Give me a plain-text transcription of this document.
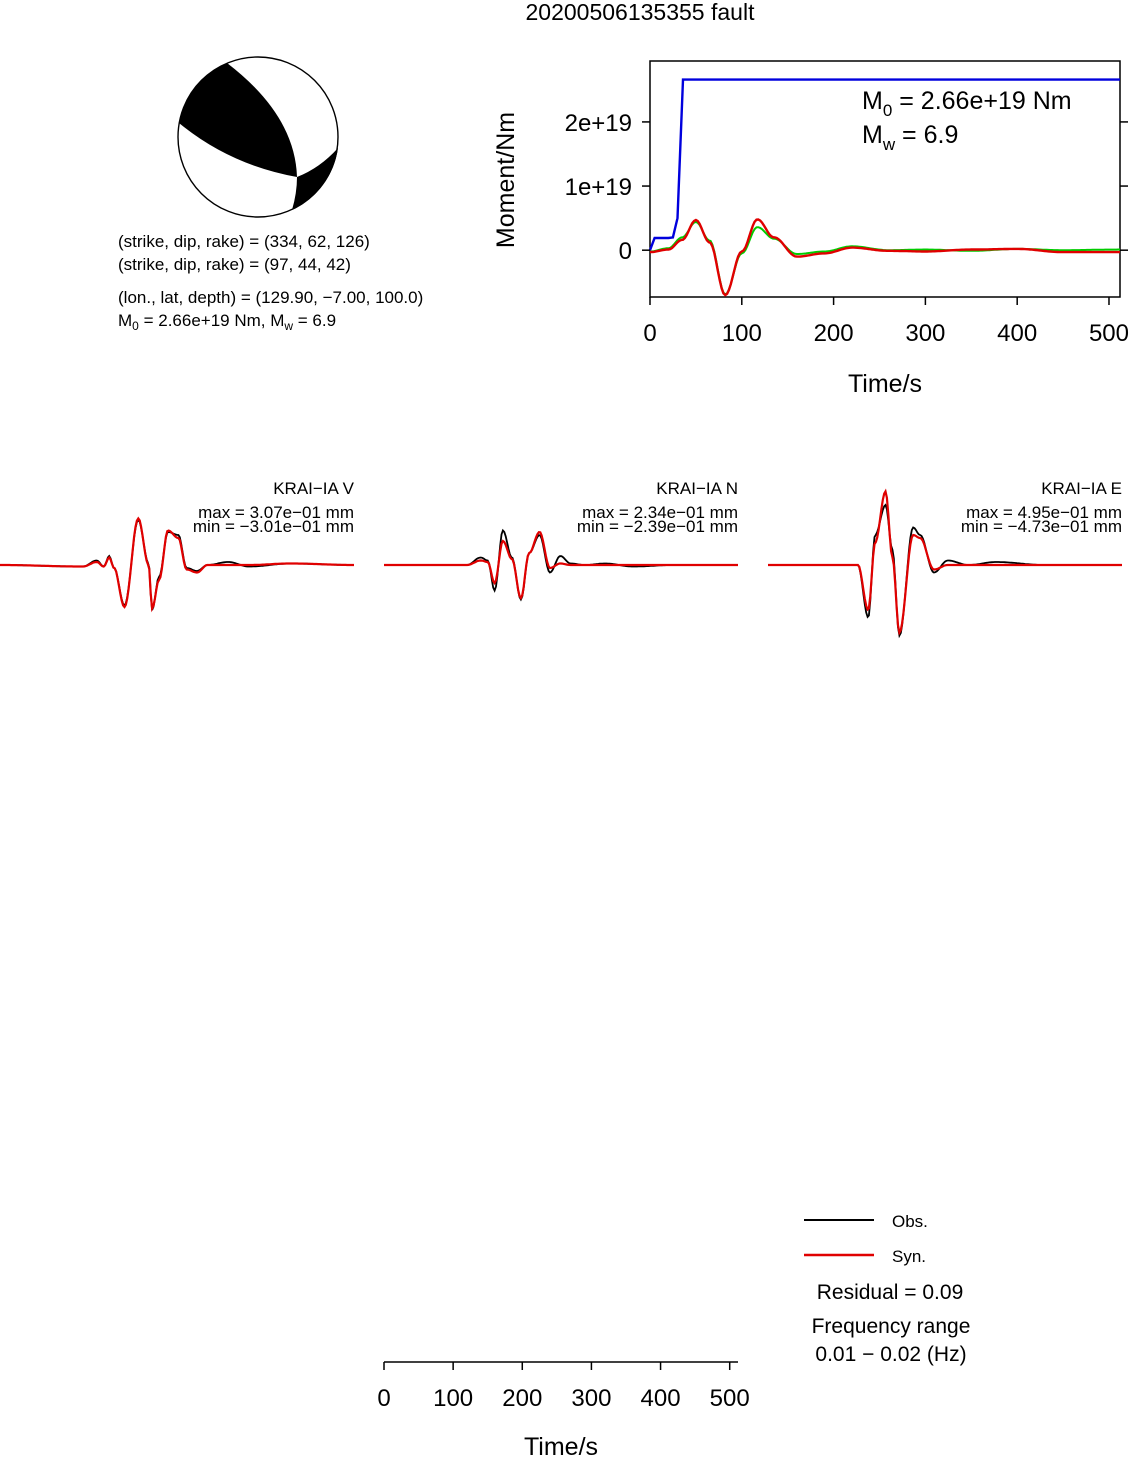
20200506135355 fault
(strike, dip, rake) = (334, 62, 126)
(strike, dip, rake) = (97, 44, 42)
(lon., lat, depth) = (129.90, −7.00, 100.0)
$M_0 = 2.66e+19$ Nm, $M_w = 6.9$	0	100 200 300 400 500
0
1e+19
2e+19
$M_0 = 2.66e+19$ Nm
$M_w = 6.9$
Moment/Nm
Time/s
KRAI−IA V
max = 3.07e−01 mm
min = −3.01e−01 mm
KRAI−IA N
max = 2.34e−01 mm
min = −2.39e−01 mm
KRAI−IA E
max = 4.95e−01 mm
min = −4.73e−01 mm
0 100 200 300 400 500
Time/s
Obs.
Syn.
Residual = 0.09
Frequency range
0.01 − 0.02 (Hz)
